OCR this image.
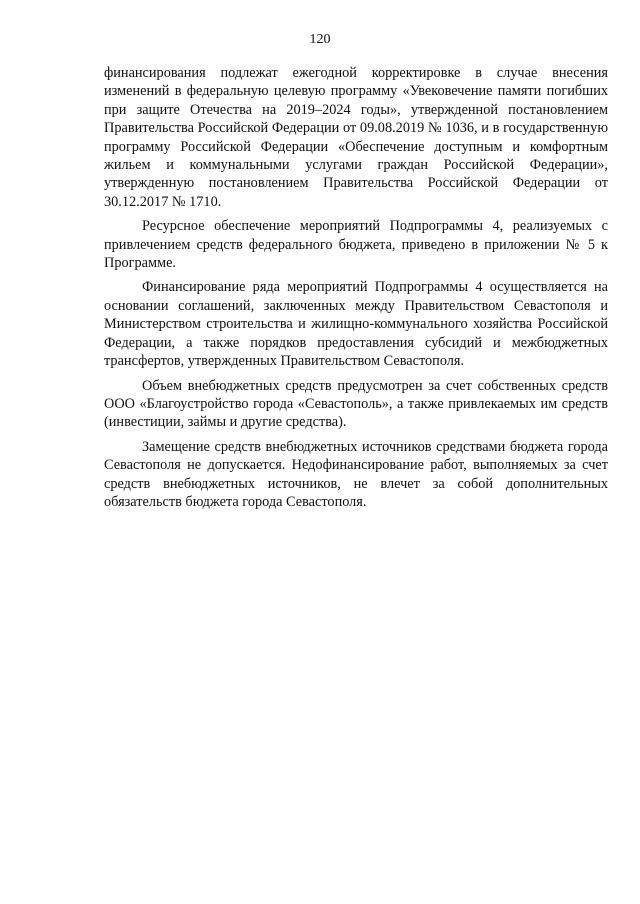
120

финансирования подлежат ежегодной корректировке в случае внесения изменений в федеральную целевую программу «Увековечение памяти погибших при защите Отечества на 2019–2024 годы», утвержденной постановлением Правительства Российской Федерации от 09.08.2019 № 1036, и в государственную программу Российской Федерации «Обеспечение доступным и комфортным жильем и коммунальными услугами граждан Российской Федерации», утвержденную постановлением Правительства Российской Федерации от 30.12.2017 № 1710.

Ресурсное обеспечение мероприятий Подпрограммы 4, реализуемых с привлечением средств федерального бюджета, приведено в приложении № 5 к Программе.

Финансирование ряда мероприятий Подпрограммы 4 осуществляется на основании соглашений, заключенных между Правительством Севастополя и Министерством строительства и жилищно-коммунального хозяйства Российской Федерации, а также порядков предоставления субсидий и межбюджетных трансфертов, утвержденных Правительством Севастополя.

Объем внебюджетных средств предусмотрен за счет собственных средств ООО «Благоустройство города «Севастополь», а также привлекаемых им средств (инвестиции, займы и другие средства).

Замещение средств внебюджетных источников средствами бюджета города Севастополя не допускается. Недофинансирование работ, выполняемых за счет средств внебюджетных источников, не влечет за собой дополнительных обязательств бюджета города Севастополя.
